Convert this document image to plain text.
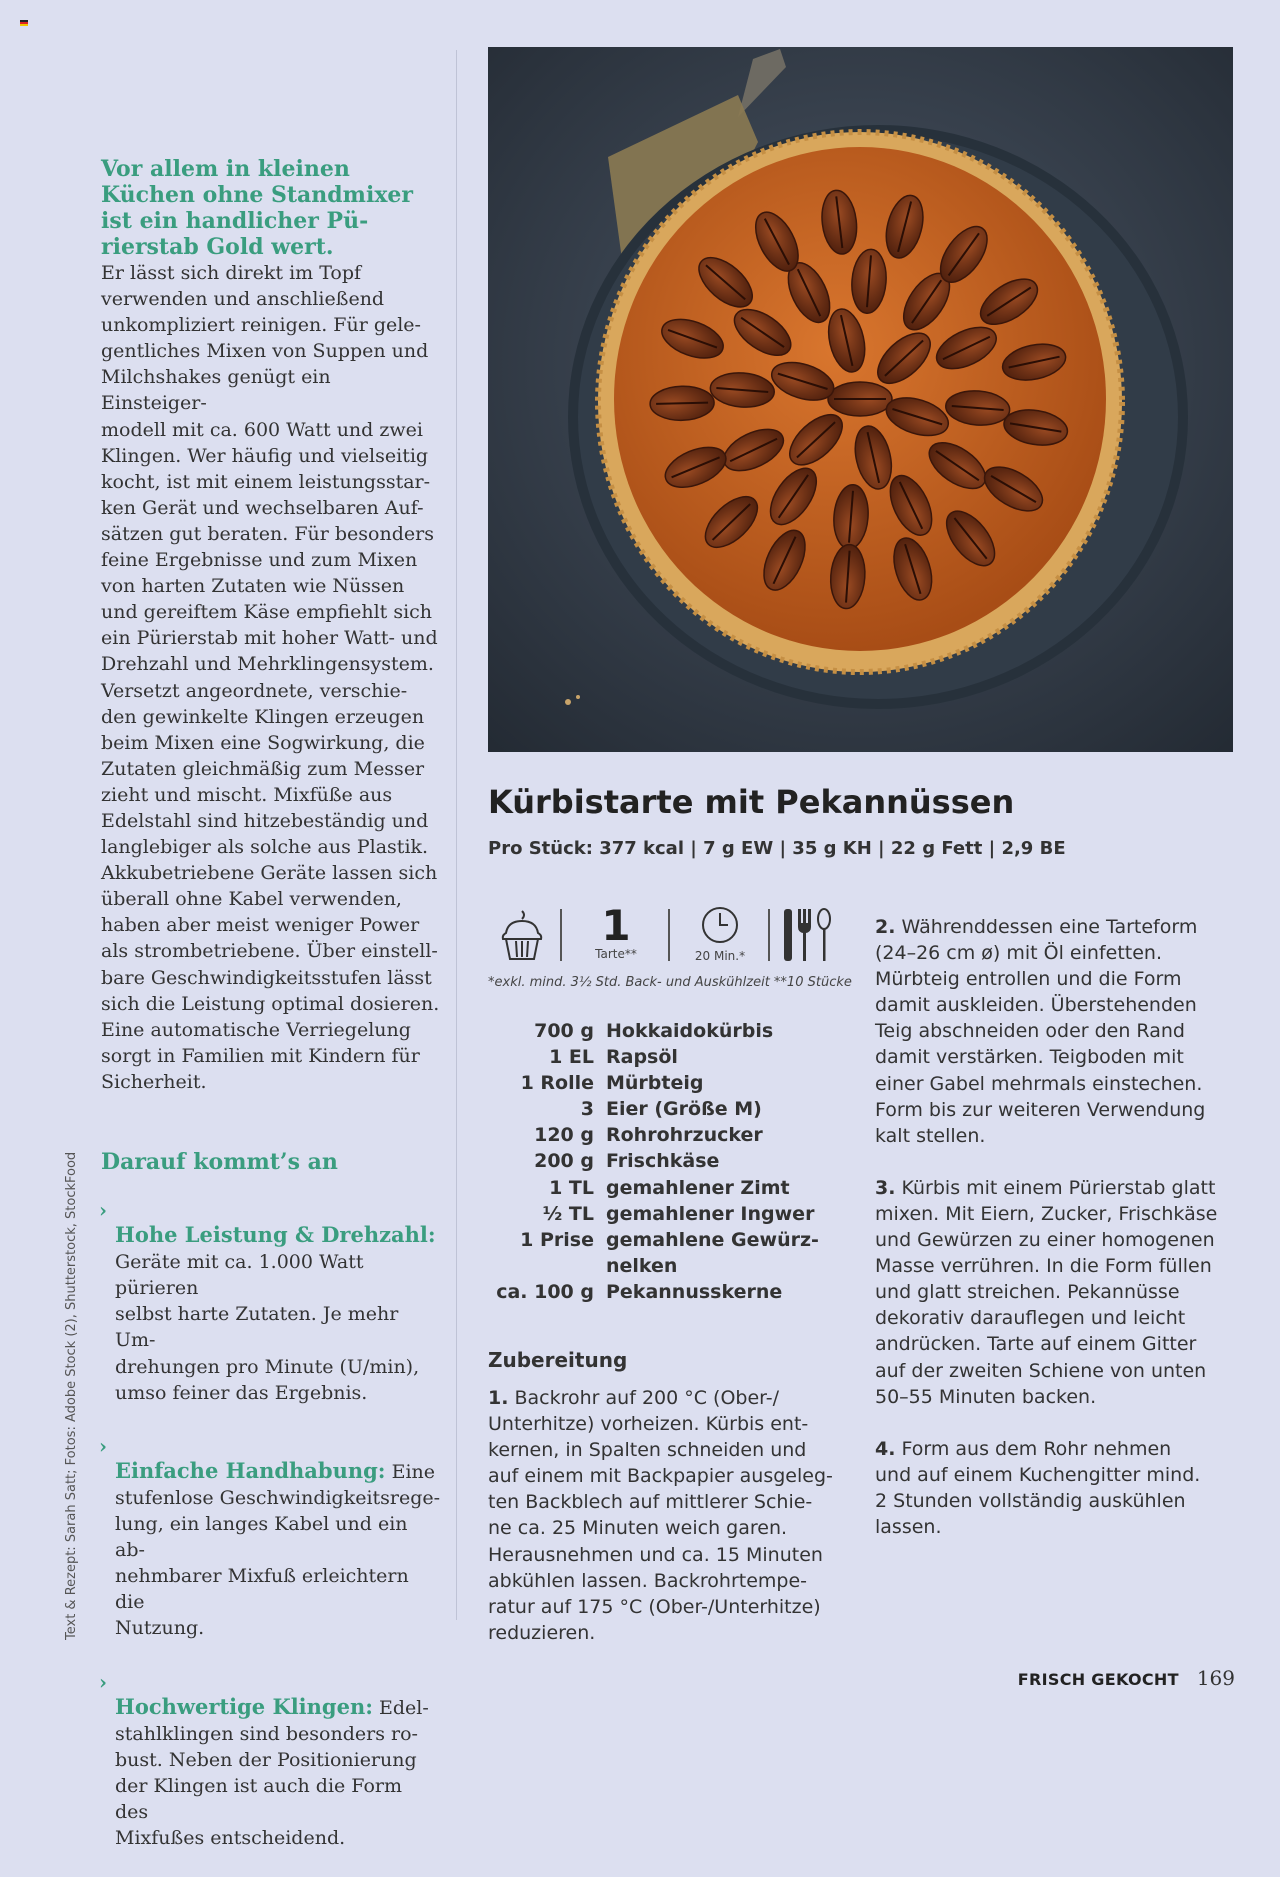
Vor allem in kleinen
Küchen ohne Standmixer
ist ein handlicher Pü-
rierstab Gold wert.

Er lässt sich direkt im Topf
verwenden und anschließend
unkompliziert reinigen. Für gele-
gentliches Mixen von Suppen und
Milchshakes genügt ein Einsteiger-
modell mit ca. 600 Watt und zwei
Klingen. Wer häufig und vielseitig
kocht, ist mit einem leistungsstar-
ken Gerät und wechselbaren Auf-
sätzen gut beraten. Für besonders
feine Ergebnisse und zum Mixen
von harten Zutaten wie Nüssen
und gereiftem Käse empfiehlt sich
ein Pürierstab mit hoher Watt- und
Drehzahl und Mehrklingensystem.
Versetzt angeordnete, verschie-
den gewinkelte Klingen erzeugen
beim Mixen eine Sogwirkung, die
Zutaten gleichmäßig zum Messer
zieht und mischt. Mixfüße aus
Edelstahl sind hitzebeständig und
langlebiger als solche aus Plastik.
Akkubetriebene Geräte lassen sich
überall ohne Kabel verwenden,
haben aber meist weniger Power
als strombetriebene. Über einstell-
bare Geschwindigkeitsstufen lässt
sich die Leistung optimal dosieren.
Eine automatische Verriegelung
sorgt in Familien mit Kindern für
Sicherheit.

Darauf kommt’s an

›
Hohe Leistung & Drehzahl:
Geräte mit ca. 1.000 Watt pürieren
selbst harte Zutaten. Je mehr Um-
drehungen pro Minute (U/min),
umso feiner das Ergebnis.

›
Einfache Handhabung: Eine
stufenlose Geschwindigkeitsrege-
lung, ein langes Kabel und ein ab-
nehmbarer Mixfuß erleichtern die
Nutzung.

›
Hochwertige Klingen: Edel-
stahlklingen sind besonders ro-
bust. Neben der Positionierung
der Klingen ist auch die Form des
Mixfußes entscheidend.

Text & Rezept: Sarah Satt; Fotos: Adobe Stock (2), Shutterstock, StockFood
Kürbistarte mit Pekannüssen
Pro Stück: 377 kcal | 7 g EW | 35 g KH | 22 g Fett | 2,9 BE
1
Tarte**	20 Min.*
*exkl. mind. 3½ Std. Back- und Auskühlzeit **10 Stücke
700 g Hokkaidokürbis
1 EL Rapsöl
1 Rolle Mürbteig
3 Eier (Größe M)
120 g Rohrohrzucker
200 g Frischkäse
1 TL gemahlener Zimt
½ TL gemahlener Ingwer
1 Prise gemahlene Gewürz-
nelken
ca. 100 g Pekannusskerne
Zubereitung

1. Backrohr auf 200 °C (Ober-/
Unterhitze) vorheizen. Kürbis ent-
kernen, in Spalten schneiden und
auf einem mit Backpapier ausgeleg-
ten Backblech auf mittlerer Schie-
ne ca. 25 Minuten weich garen.
Herausnehmen und ca. 15 Minuten
abkühlen lassen. Backrohrtempe-
ratur auf 175 °C (Ober-/Unterhitze)
reduzieren.

2. Währenddessen eine Tarteform
(24–26 cm ø) mit Öl einfetten.
Mürbteig entrollen und die Form
damit auskleiden. Überstehenden
Teig abschneiden oder den Rand
damit verstärken. Teigboden mit
einer Gabel mehrmals einstechen.
Form bis zur weiteren Verwendung
kalt stellen.

3. Kürbis mit einem Pürierstab glatt
mixen. Mit Eiern, Zucker, Frischkäse
und Gewürzen zu einer homogenen
Masse verrühren. In die Form füllen
und glatt streichen. Pekannüsse
dekorativ darauflegen und leicht
andrücken. Tarte auf einem Gitter
auf der zweiten Schiene von unten
50–55 Minuten backen.

4. Form aus dem Rohr nehmen
und auf einem Kuchengitter mind.
2 Stunden vollständig auskühlen
lassen.

FRISCH GEKOCHT 169
